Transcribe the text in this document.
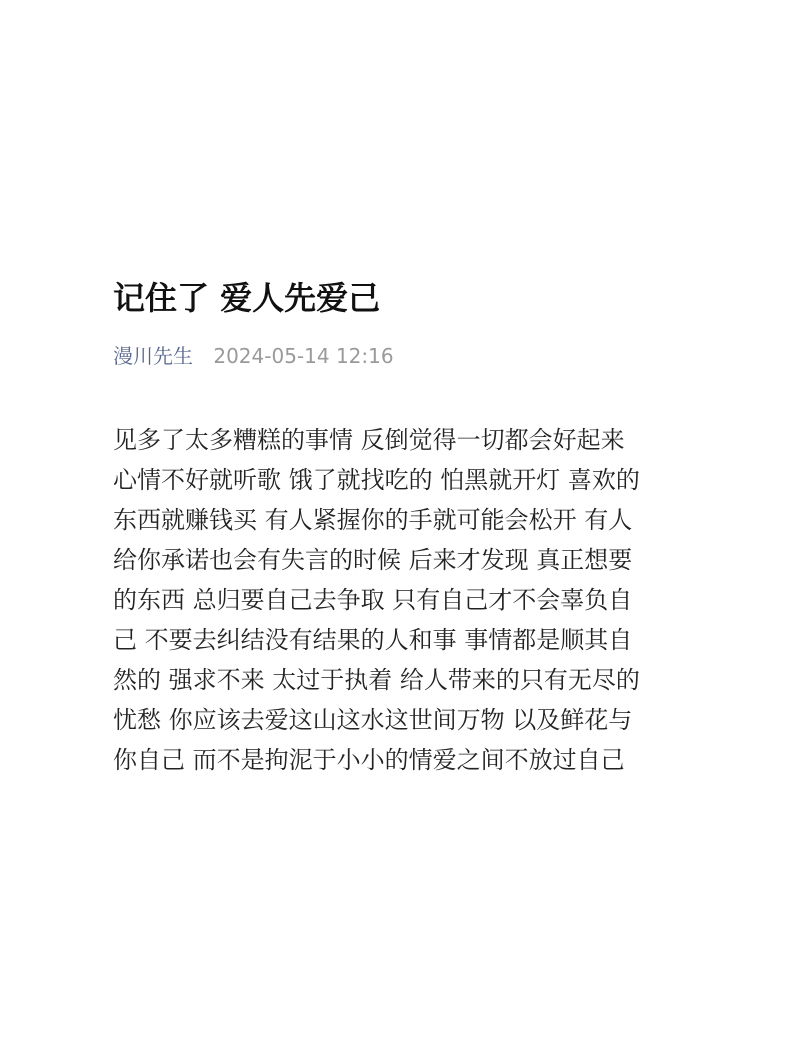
记住了 爱人先爱己
漫川先生 2024-05-14 12:16

见多了太多糟糕的事情 反倒觉得一切都会好起来
心情不好就听歌 饿了就找吃的 怕黑就开灯 喜欢的
东西就赚钱买 有人紧握你的手就可能会松开 有人
给你承诺也会有失言的时候 后来才发现 真正想要
的东西 总归要自己去争取 只有自己才不会辜负自
己 不要去纠结没有结果的人和事 事情都是顺其自
然的 强求不来 太过于执着 给人带来的只有无尽的
忧愁 你应该去爱这山这水这世间万物 以及鲜花与
你自己 而不是拘泥于小小的情爱之间不放过自己
